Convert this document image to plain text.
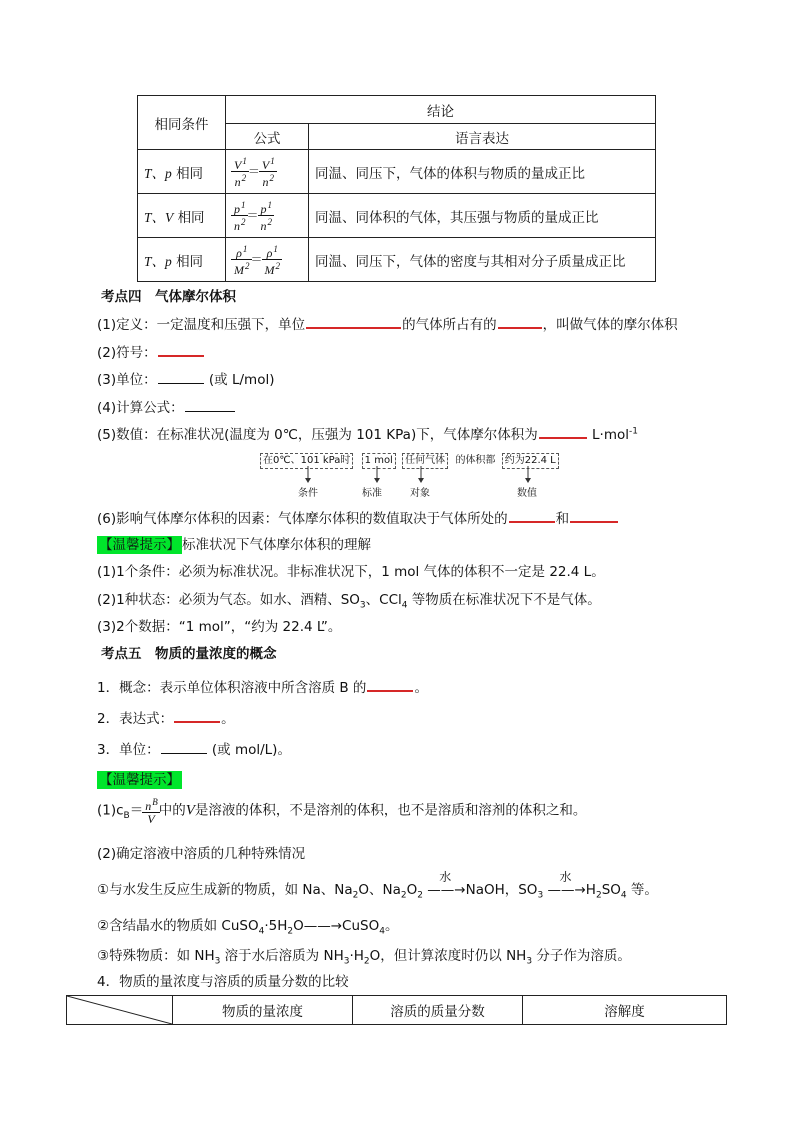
相同条件	结论	
	公式	语言表达
T、p 相同	$\frac{V^1}{n^2} = \frac{V^1}{n^2}$	同温、同压下，气体的体积与物质的量成正比
T、V 相同	$\frac{p^1}{n^2} = \frac{p^1}{n^2}$	同温、同体积的气体，其压强与物质的量成正比
T、p 相同	$\frac{\rho^1}{M^2} = \frac{\rho^1}{M^2}$	同温、同压下，气体的密度与其相对分子质量成正比
考点四　气体摩尔体积
(1)定义：一定温度和压强下，单位	的气体所占有的	，叫做气体的摩尔体积
(2)符号：
(3)单位：	(或 L/mol)
(4)计算公式：
(5)数值：在标准状况(温度为 0℃，压强为 101 KPa)下，气体摩尔体积为	L·mol$^{-1}$
在0℃、101 kPa时 1 mol 任何气体 的体积都 约为22.4 L
条件	标准	对象	数值
(6)影响气体摩尔体积的因素：气体摩尔体积的数值取决于气体所处的	和
【温馨提示】 标准状况下气体摩尔体积的理解
(1)1个条件：必须为标准状况。非标准状况下，1 mol 气体的体积不一定是 22.4 L。
(2)1种状态：必须为气态。如水、酒精、$SO_3$、CCl$_4$ 等物质在标准状况下不是气体。
(3)2个数据：“1 mol”，“约为 22.4 L”。
考点五　物质的量浓度的概念
1．概念：表示单位体积溶液中所含溶质 B 的	。
2．表达式：	。
3．单位：	(或 mol/L)。
【温馨提示】
$(1)c_B= \frac{n^B}{V}$ 中的V是溶液的体积，不是溶剂的体积，也不是溶质和溶剂的体积之和。
(2)确定溶液中溶质的几种特殊情况
①与水发生反应生成新的物质，如 Na、$Na_2O$、$Na_2O_2$
水
——→NaOH，$SO_3$
水
$——\to H_2SO_4$ 等。
②含结晶水的物质如 $CuSO_4\cdot 5H_2O——\to CuSO_4$。
③特殊物质：如 $NH_3$ 溶于水后溶质为 $NH_3\cdot H_2O$，但计算浓度时仍以 $NH_3$ 分子作为溶质。
4．物质的量浓度与溶质的质量分数的比较
	物质的量浓度	溶质的质量分数	溶解度
